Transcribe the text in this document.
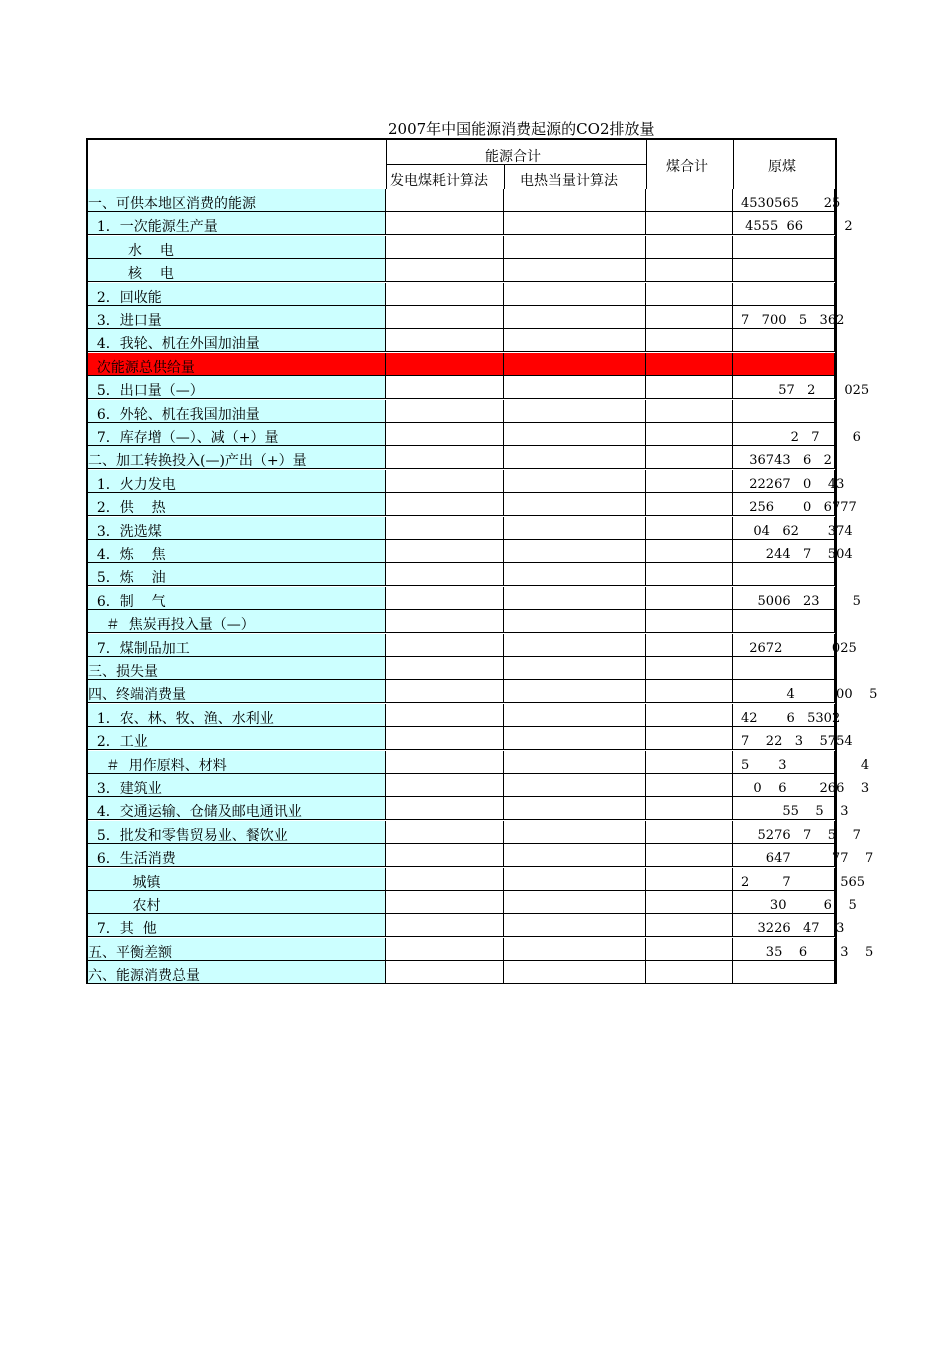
2007年中国能源消费起源的CO2排放量
能源合计
发电煤耗计算法 电热当量计算法
煤合计	原煤
一、可供本地区消费的能源	4530565      25
1．一次能源生产量	4555  66          2
水    电
核    电
2．回收能
3．进口量	7   700   5   362
4．我轮、机在外国加油量
次能源总供给量
5．出口量（—）	57   2       025
6．外轮、机在我国加油量
7．库存增（—）、减（+）量	2   7        6
二、加工转换投入(—)产出（+）量	36743   6   2
1．火力发电	22267   0    43
2．供    热	256       0   6777
3．洗选煤	04   62       374
4．炼    焦	244   7    504
5．炼    油
6．制    气	5006   23        5
＃  焦炭再投入量（—）
7．煤制品加工	2672            025
三、损失量
四、终端消费量	4          00    5
1．农、林、牧、渔、水利业	42       6   5302
2．工业	7    22   3    5754
＃  用作原料、材料	5       3                  4
3．建筑业	0    6        266    3
4．交通运输、仓储及邮电通讯业	55    5    3
5．批发和零售贸易业、餐饮业	5276   7    5    7
6．生活消费	647          77    7
城镇	2        7            565
农村	30         6    5
7．其  他	3226   47    3
五、平衡差额	35    6        3    5
六、能源消费总量
